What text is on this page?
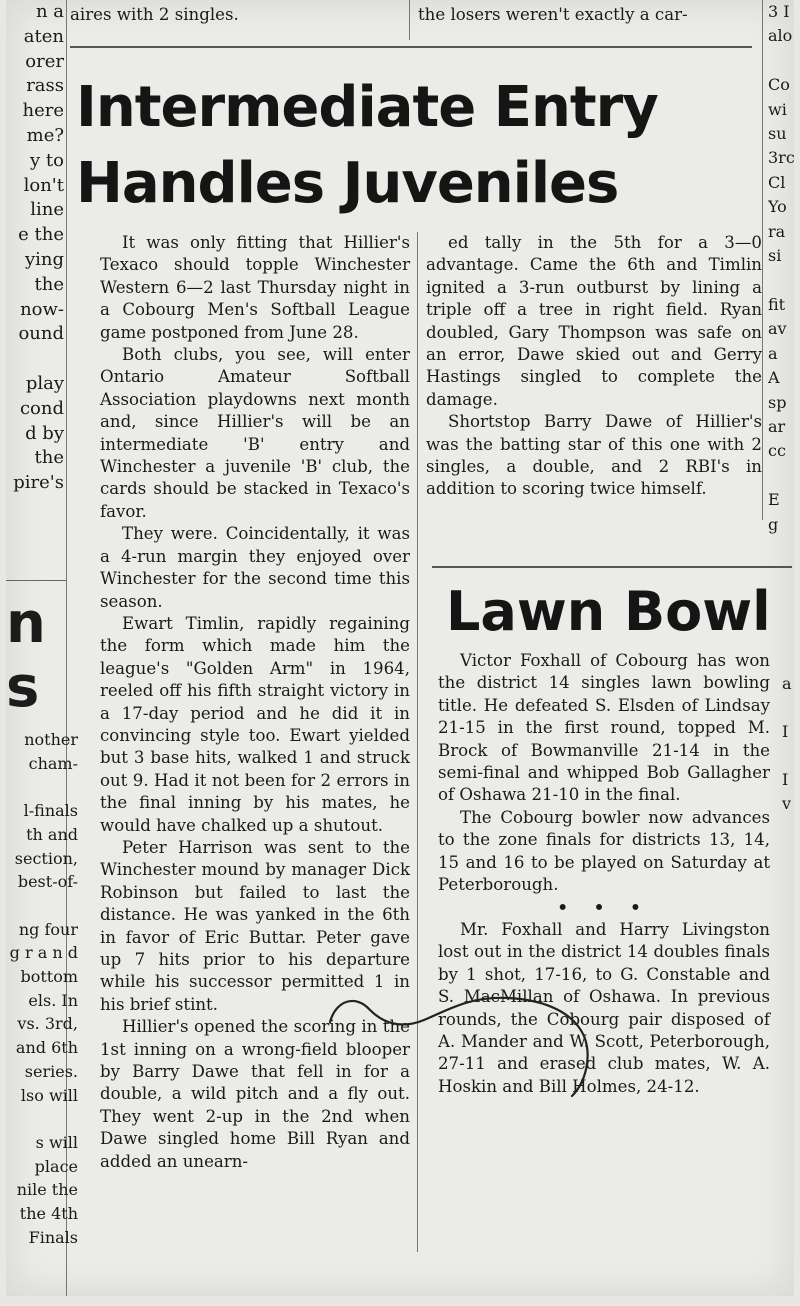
aires with 2 singles.	the losers weren't exactly a car-
n a
aten
orer
rass
here
me?
y to
lon't
line
e the
ying
the
now-
ound

play
cond
d by
the
pire's
n
s
nother
cham-

l-finals
th and
section,
best-of-

ng four
g r a n d
bottom
els. In
vs. 3rd,
and 6th
series.
lso will

s will
place
nile the
the 4th
Finals
Intermediate Entry
Handles Juveniles

It was only fitting that Hillier's Texaco should topple Winchester Western 6—2 last Thursday night in a Cobourg Men's Softball League game postponed from June 28.

Both clubs, you see, will enter Ontario Amateur Softball Association playdowns next month and, since Hillier's will be an intermediate 'B' entry and Winchester a juvenile 'B' club, the cards should be stacked in Texaco's favor.

They were. Coincidentally, it was a 4-run margin they enjoyed over Winchester for the second time this season.

Ewart Timlin, rapidly regaining the form which made him the league's "Golden Arm" in 1964, reeled off his fifth straight victory in a 17-day period and he did it in convincing style too. Ewart yielded but 3 base hits, walked 1 and struck out 9. Had it not been for 2 errors in the final inning by his mates, he would have chalked up a shutout.

Peter Harrison was sent to the Winchester mound by manager Dick Robinson but failed to last the distance. He was yanked in the 6th in favor of Eric Buttar. Peter gave up 7 hits prior to his departure while his successor permitted 1 in his brief stint.

Hillier's opened the scoring in the 1st inning on a wrong-field blooper by Barry Dawe that fell in for a double, a wild pitch and a fly out. They went 2-up in the 2nd when Dawe singled home Bill Ryan and added an unearn-

ed tally in the 5th for a 3—0 advantage. Came the 6th and Timlin ignited a 3-run outburst by lining a triple off a tree in right field. Ryan doubled, Gary Thompson was safe on an error, Dawe skied out and Gerry Hastings singled to complete the damage.

Shortstop Barry Dawe of Hillier's was the batting star of this one with 2 singles, a double, and 2 RBI's in addition to scoring twice himself.

Lawn Bowl

Victor Foxhall of Cobourg has won the district 14 singles lawn bowling title. He defeated S. Elsden of Lindsay 21-15 in the first round, topped M. Brock of Bowmanville 21-14 in the semi-final and whipped Bob Gallagher of Oshawa 21-10 in the final.

The Cobourg bowler now advances to the zone finals for districts 13, 14, 15 and 16 to be played on Saturday at Peterborough.

• • •

Mr. Foxhall and Harry Livingston lost out in the district 14 doubles finals by 1 shot, 17-16, to G. Constable and S. MacMillan of Oshawa. In previous rounds, the Cobourg pair disposed of A. Mander and W. Scott, Peterborough, 27-11 and erased club mates, W. A. Hoskin and Bill Holmes, 24-12.

3 I
alo

Co
wi
su
3rc
Cl
Yo
ra
si

fit
av
a
A
sp
ar
cc

E
g
a

I

I
v
